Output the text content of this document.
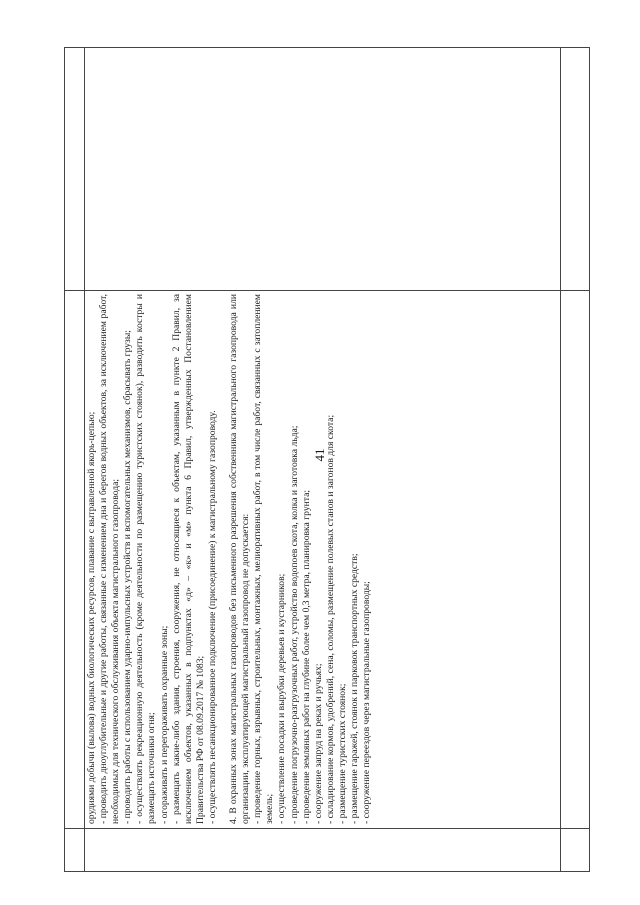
41

орудиями добычи (вылова) водных биологических ресурсов, плавание с вытравленной якорь-цепью; - проводить дноуглубительные и другие работы, связанные с изменением дна и берегов водных объектов, за исключением работ, необходимых для технического обслуживания объекта магистрального газопровода; - проводить работы с использованием ударно-импульсных устройств и вспомогательных механизмов, сбрасывать грузы; - осуществлять рекреационную деятельность (кроме деятельности по размещению туристских стоянок), разводить костры и размещать источники огня; - огораживать и перегораживать охранные зоны; - размещать какие-либо здания, строения, сооружения, не относящиеся к объектам, указанным в пункте 2 Правил, за исключением объектов, указанных в подпунктах «д» – «к» и «м» пункта 6 Правил, утвержденных Постановлением Правительства РФ от 08.09.2017 № 1083; - осуществлять несанкционированное подключение (присоединение) к магистральному газопроводу. 4. В охранных зонах магистральных газопроводов без письменного разрешения собственника магистрального газопровода или организации, эксплуатирующей магистральный газопровод не допускается: - проведение горных, взрывных, строительных, монтажных, мелиоративных работ, в том числе работ, связанных с затоплением земель; - осуществление посадки и вырубки деревьев и кустарников; - проведение погрузочно-разгрузочных работ, устройство водопоев скота, колка и заготовка льда; - проведение земляных работ на глубине более чем 0,3 метра, планировка грунта; - сооружение запруд на реках и ручьях; - складирование кормов, удобрений, сена, соломы, размещение полевых станов и загонов для скота; - размещение туристских стоянок; - размещение гаражей, стоянок и парковок транспортных средств; - сооружение переездов через магистральные газопроводы;
